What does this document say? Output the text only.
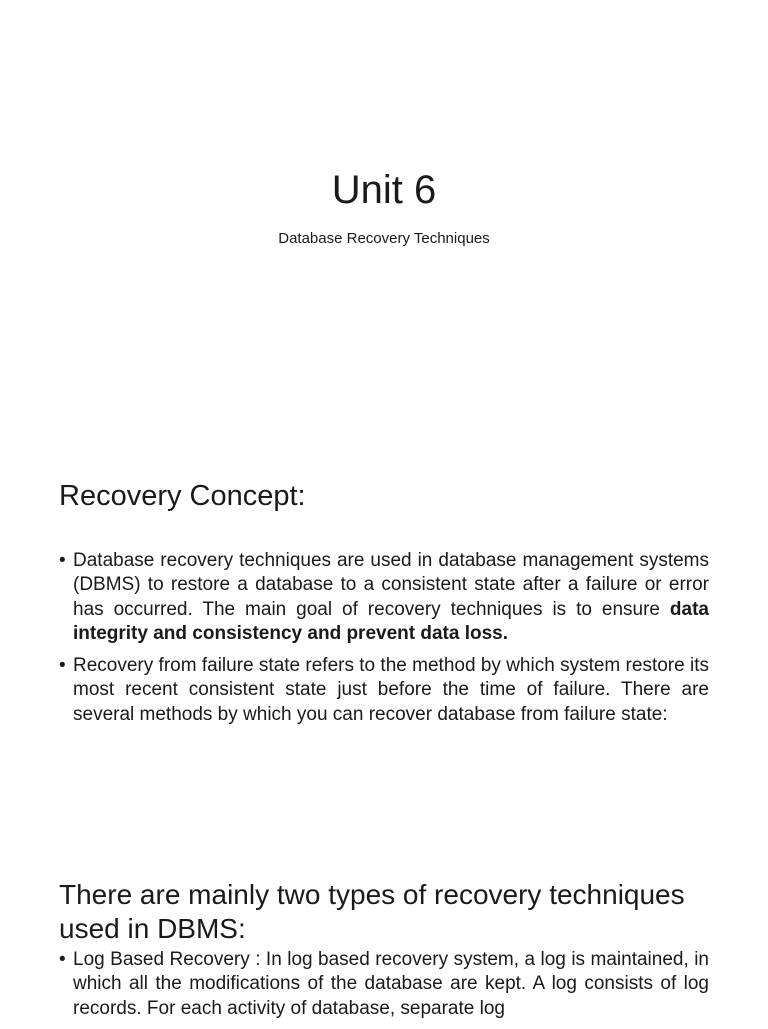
Unit 6

Database Recovery Techniques

Recovery Concept:
• Database recovery techniques are used in database management systems (DBMS) to restore a database to a consistent state after a failure or error has occurred. The main goal of recovery techniques is to ensure data integrity and consistency and prevent data loss.
• Recovery from failure state refers to the method by which system restore its most recent consistent state just before the time of failure. There are several methods by which you can recover database from failure state:
There are mainly two types of recovery techniques used in DBMS:
• Log Based Recovery : In log based recovery system, a log is maintained, in which all the modifications of the database are kept. A log consists of log records. For each activity of database, separate log
